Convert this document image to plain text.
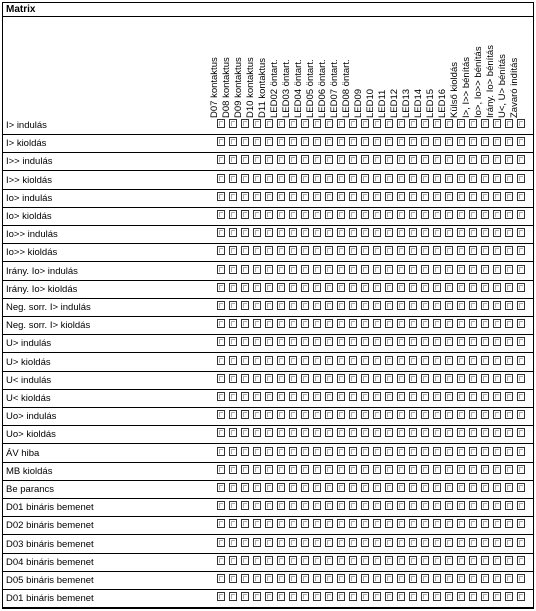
Matrix
D07 kontaktus D08 kontaktus D09 kontaktus D10 kontaktus D11 kontaktus LED02 öntart. LED03 öntart. LED04 öntart. LED05 öntart. LED06 öntart. LED07 öntart. LED08 öntart. LED09 LED10 LED11 LED12 LED13 LED14 LED15 LED16 Külső kioldás I>, I>> bénítás Io>, Io>> bénítás Irány. Io> bénítás U<, U> bénítás Zavaró indítás
I> indulás
I> kioldás
I>> indulás
I>> kioldás
Io> indulás
Io> kioldás
Io>> indulás
Io>> kioldás
Irány. Io> indulás
Irány. Io> kioldás
Neg. sorr. I> indulás
Neg. sorr. I> kioldás
U> indulás
U> kioldás
U< indulás
U< kioldás
Uo> indulás
Uo> kioldás
ÁV hiba
MB kioldás
Be parancs
D01 bináris bemenet
D02 bináris bemenet
D03 bináris bemenet
D04 bináris bemenet
D05 bináris bemenet
D01 bináris bemenet
